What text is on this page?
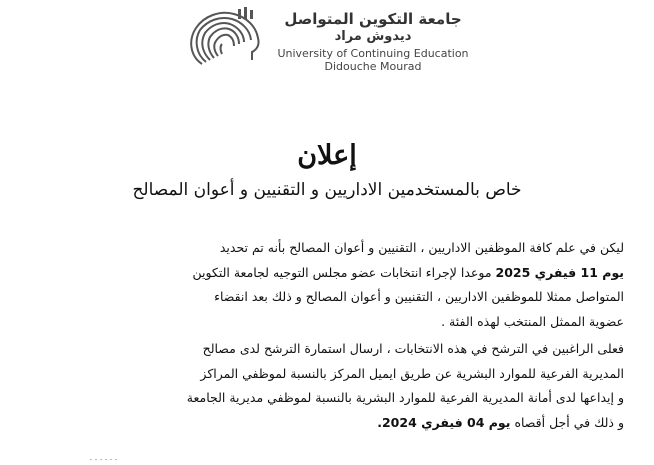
جامعة التكوين المتواصل
ديدوش مراد
University of Continuing Education
Didouche Mourad
إعلان
خاص بالمستخدمين الاداريين و التقنيين و أعوان المصالح

ليكن في علم كافة الموظفين الاداريين ، التقنيين و أعوان المصالح بأنه تم تحديد

يوم 11 فيفري 2025 موعدا لإجراء انتخابات عضو مجلس التوجيه لجامعة التكوين

المتواصل ممثلا للموظفين الاداريين ، التقنيين و أعوان المصالح و ذلك بعد انقضاء

عضوية الممثل المنتخب لهذه الفئة .

فعلى الراغبين في الترشح في هذه الانتخابات ، ارسال استمارة الترشح لدى مصالح

المديرية الفرعية للموارد البشرية عن طريق ايميل المركز بالنسبة لموظفي المراكز

و إيداعها لدى أمانة المديرية الفرعية للموارد البشرية بالنسبة لموظفي مديرية الجامعة

و ذلك في أجل أقصاه يوم 04 فيفري 2024.
